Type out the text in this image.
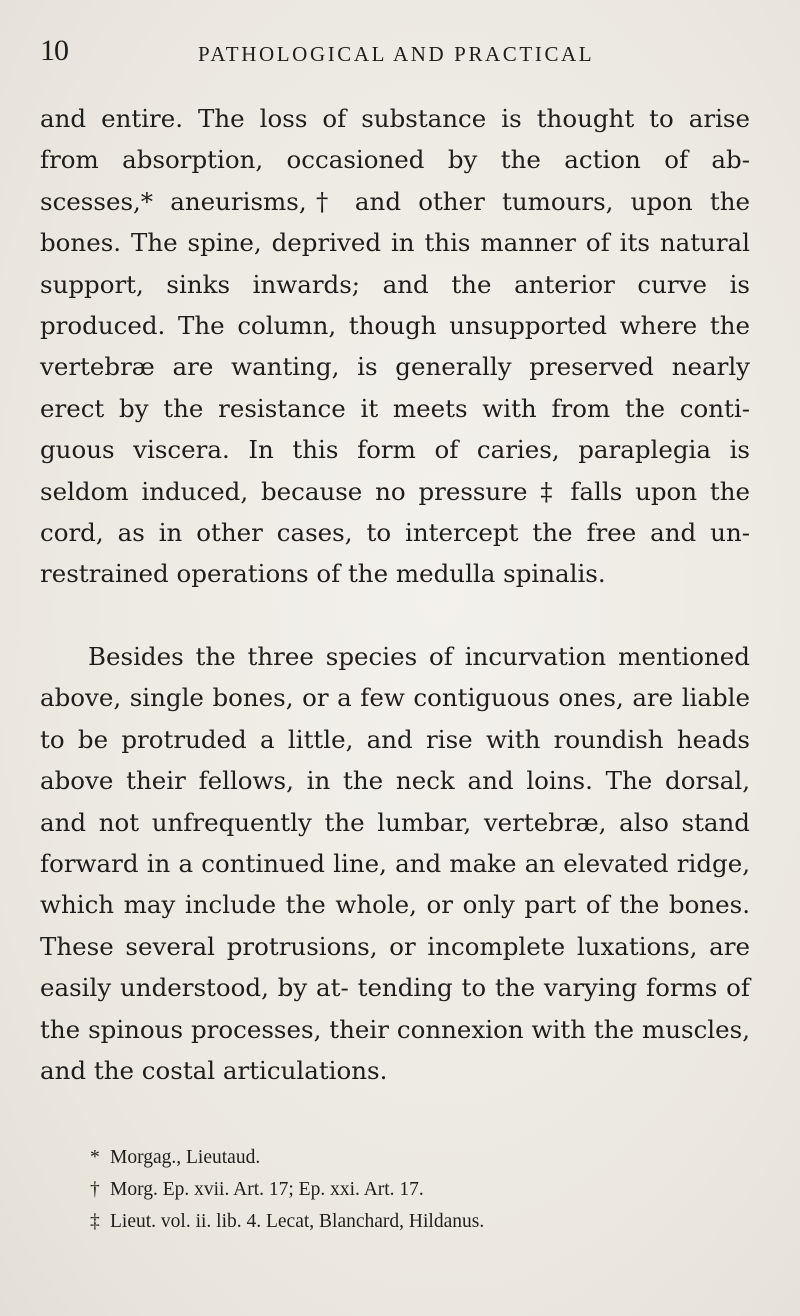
10	PATHOLOGICAL AND PRACTICAL

and entire. The loss of substance is thought to arise from absorption, occasioned by the action of ab- scesses,* aneurisms,† and other tumours, upon the bones. The spine, deprived in this manner of its natural support, sinks inwards; and the anterior curve is produced. The column, though unsupported where the vertebræ are wanting, is generally preserved nearly erect by the resistance it meets with from the conti- guous viscera. In this form of caries, paraplegia is seldom induced, because no pressure ‡ falls upon the cord, as in other cases, to intercept the free and un- restrained operations of the medulla spinalis.

Besides the three species of incurvation mentioned above, single bones, or a few contiguous ones, are liable to be protruded a little, and rise with roundish heads above their fellows, in the neck and loins. The dorsal, and not unfrequently the lumbar, vertebræ, also stand forward in a continued line, and make an elevated ridge, which may include the whole, or only part of the bones. These several protrusions, or incomplete luxations, are easily understood, by at- tending to the varying forms of the spinous processes, their connexion with the muscles, and the costal articulations.

* Morgag., Lieutaud.
† Morg. Ep. xvii. Art. 17; Ep. xxi. Art. 17.
‡ Lieut. vol. ii. lib. 4. Lecat, Blanchard, Hildanus.
